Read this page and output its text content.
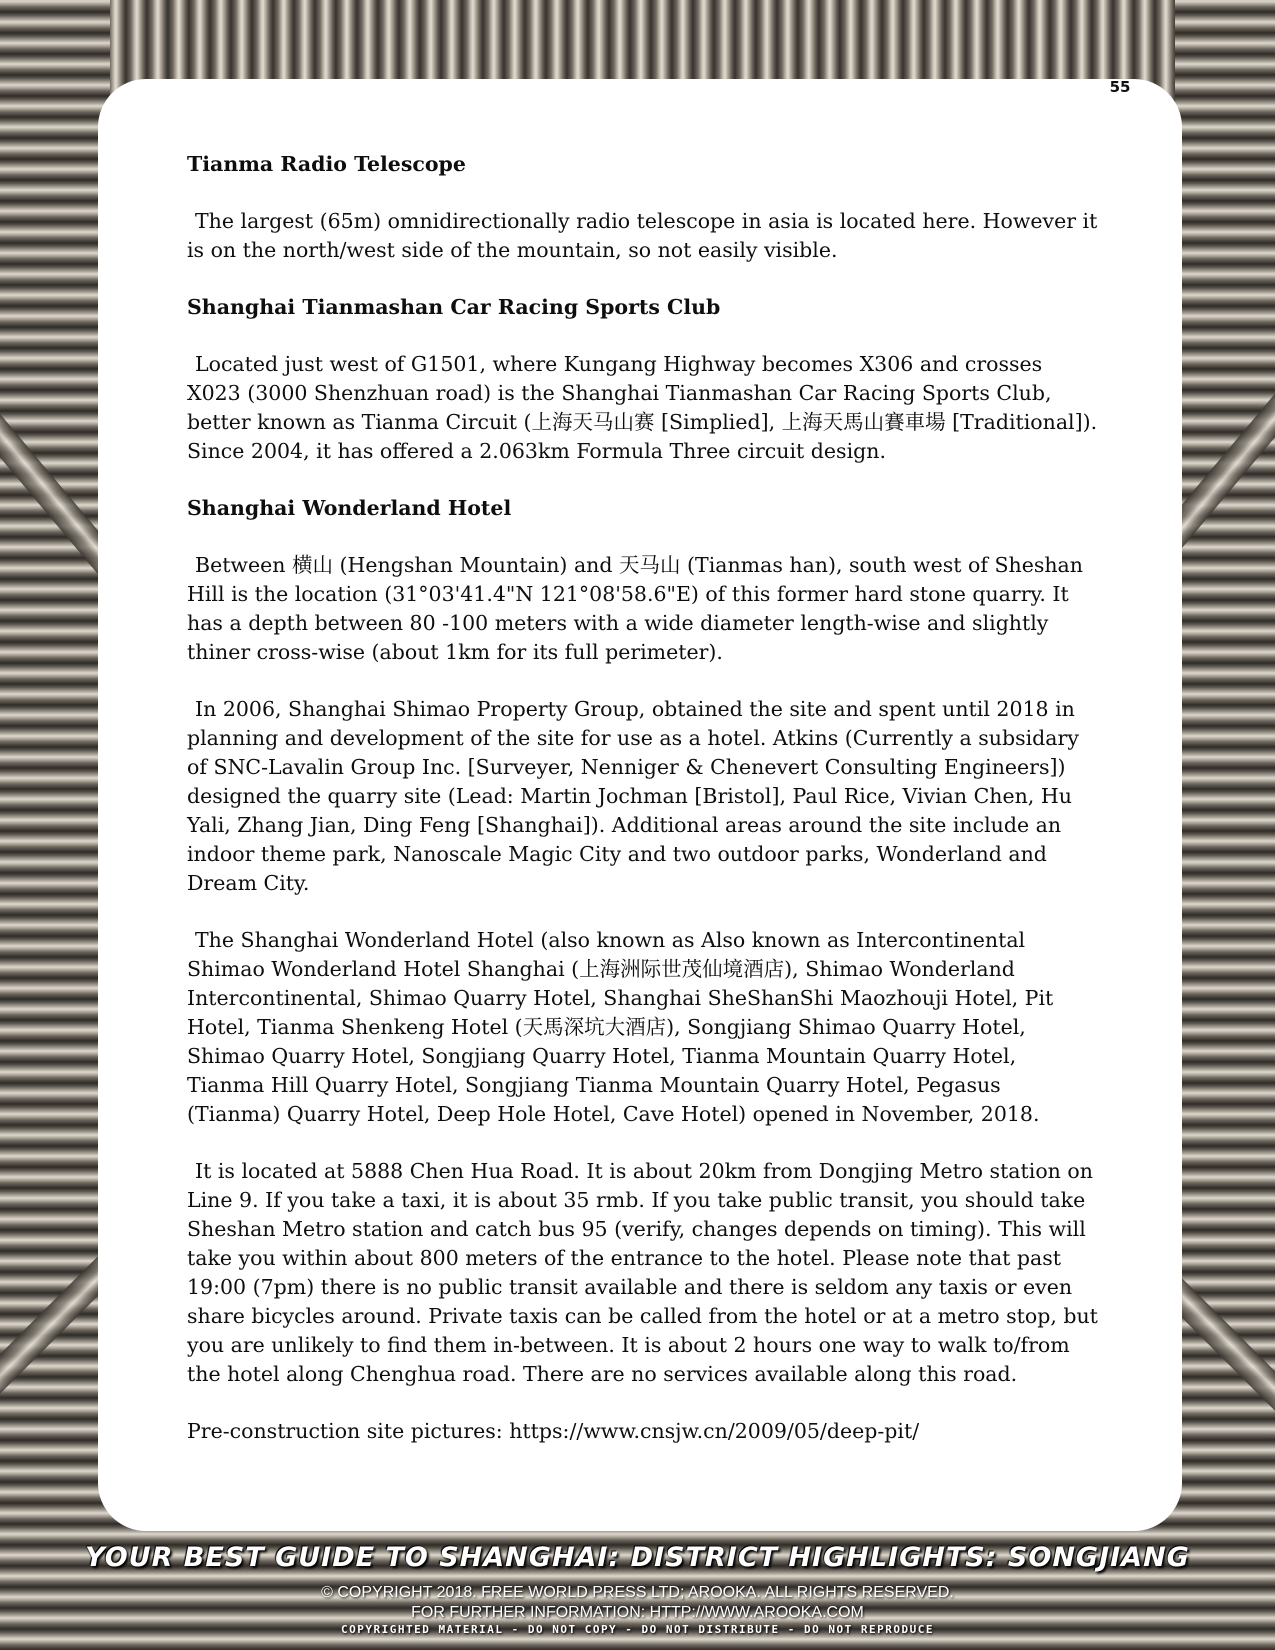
55
Tianma Radio Telescope

The largest (65m) omnidirectionally radio telescope in asia is located here. However it is on the north/west side of the mountain, so not easily visible.

Shanghai Tianmashan Car Racing Sports Club

Located just west of G1501, where Kungang Highway becomes X306 and crosses X023 (3000 Shenzhuan road) is the Shanghai Tianmashan Car Racing Sports Club, better known as Tianma Circuit (上海天马山赛 [Simplied], 上海天馬山賽車場 [Traditional]). Since 2004, it has offered a 2.063km Formula Three circuit design.

Shanghai Wonderland Hotel

Between 横山 (Hengshan Mountain) and 天马山 (Tianmas han), south west of Sheshan Hill is the location (31°03'41.4"N 121°08'58.6"E) of this former hard stone quarry. It has a depth between 80 -100 meters with a wide diameter length-wise and slightly thiner cross-wise (about 1km for its full perimeter).

In 2006, Shanghai Shimao Property Group, obtained the site and spent until 2018 in planning and development of the site for use as a hotel. Atkins (Currently a subsidary of SNC-Lavalin Group Inc. [Surveyer, Nenniger & Chenevert Consulting Engineers]) designed the quarry site (Lead: Martin Jochman [Bristol], Paul Rice, Vivian Chen, Hu Yali, Zhang Jian, Ding Feng [Shanghai]). Additional areas around the site include an indoor theme park, Nanoscale Magic City and two outdoor parks, Wonderland and Dream City.

The Shanghai Wonderland Hotel (also known as Also known as Intercontinental Shimao Wonderland Hotel Shanghai (上海洲际世茂仙境酒店), Shimao Wonderland Intercontinental, Shimao Quarry Hotel, Shanghai SheShanShi Maozhouji Hotel, Pit Hotel, Tianma Shenkeng Hotel (天馬深坑大酒店), Songjiang Shimao Quarry Hotel, Shimao Quarry Hotel, Songjiang Quarry Hotel, Tianma Mountain Quarry Hotel, Tianma Hill Quarry Hotel, Songjiang Tianma Mountain Quarry Hotel, Pegasus (Tianma) Quarry Hotel, Deep Hole Hotel, Cave Hotel) opened in November, 2018.

It is located at 5888 Chen Hua Road. It is about 20km from Dongjing Metro station on Line 9. If you take a taxi, it is about 35 rmb. If you take public transit, you should take Sheshan Metro station and catch bus 95 (verify, changes depends on timing). This will take you within about 800 meters of the entrance to the hotel. Please note that past 19:00 (7pm) there is no public transit available and there is seldom any taxis or even share bicycles around. Private taxis can be called from the hotel or at a metro stop, but you are unlikely to find them in-between. It is about 2 hours one way to walk to/from the hotel along Chenghua road. There are no services available along this road.

Pre-construction site pictures: https://www.cnsjw.cn/2009/05/deep-pit/

YOUR BEST GUIDE TO SHANGHAI: DISTRICT HIGHLIGHTS: SONGJIANG
© COPYRIGHT 2018. FREE WORLD PRESS LTD; AROOKA. ALL RIGHTS RESERVED.
FOR FURTHER INFORMATION: HTTP://WWW.AROOKA.COM
COPYRIGHTED MATERIAL - DO NOT COPY - DO NOT DISTRIBUTE - DO NOT REPRODUCE
